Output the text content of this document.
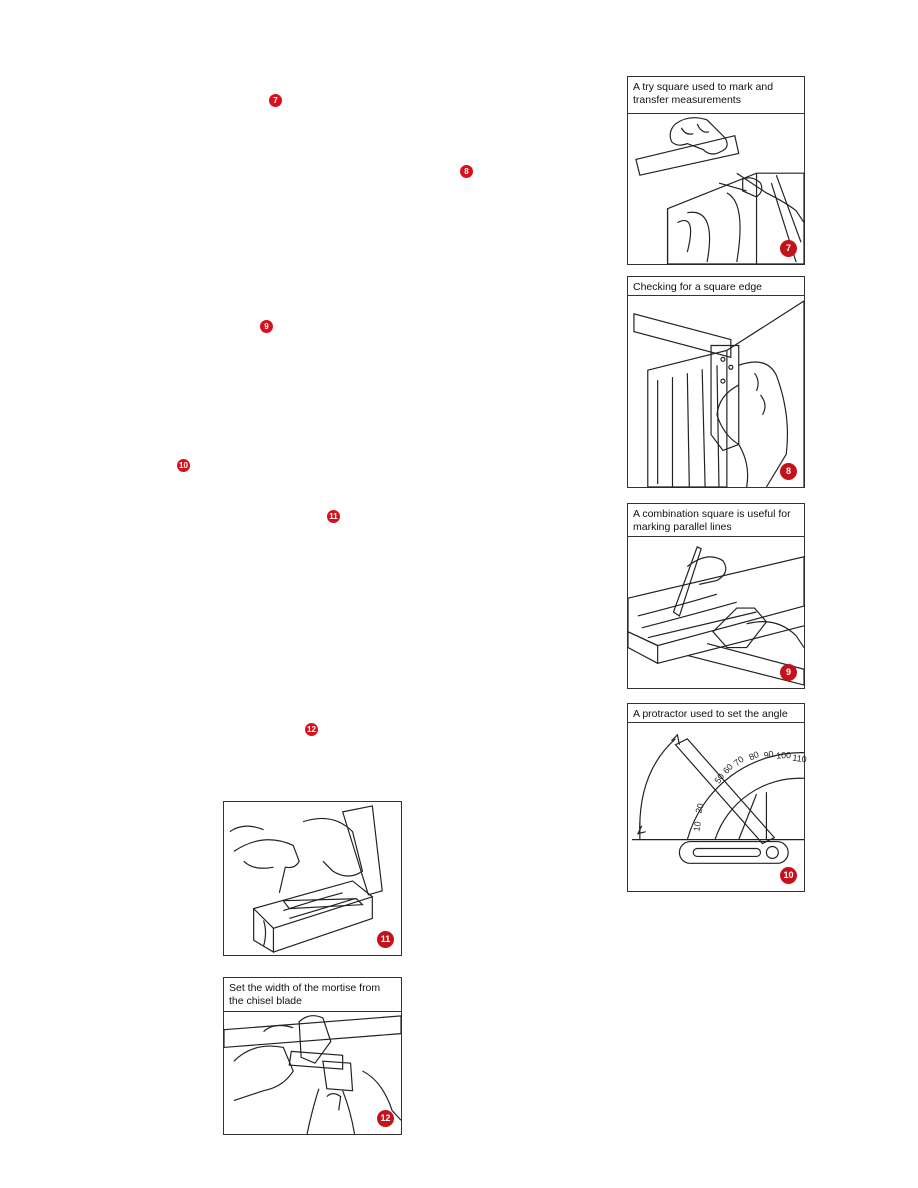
7
8
9
10
11
12
A try square used to mark and transfer measurements
7
Checking for a square edge
8
A combination square is useful for marking parallel lines
9
A protractor used to set the angle
10
20
50
60
70 80 90 100 110
10
11
Set the width of the mortise from the chisel blade
12
